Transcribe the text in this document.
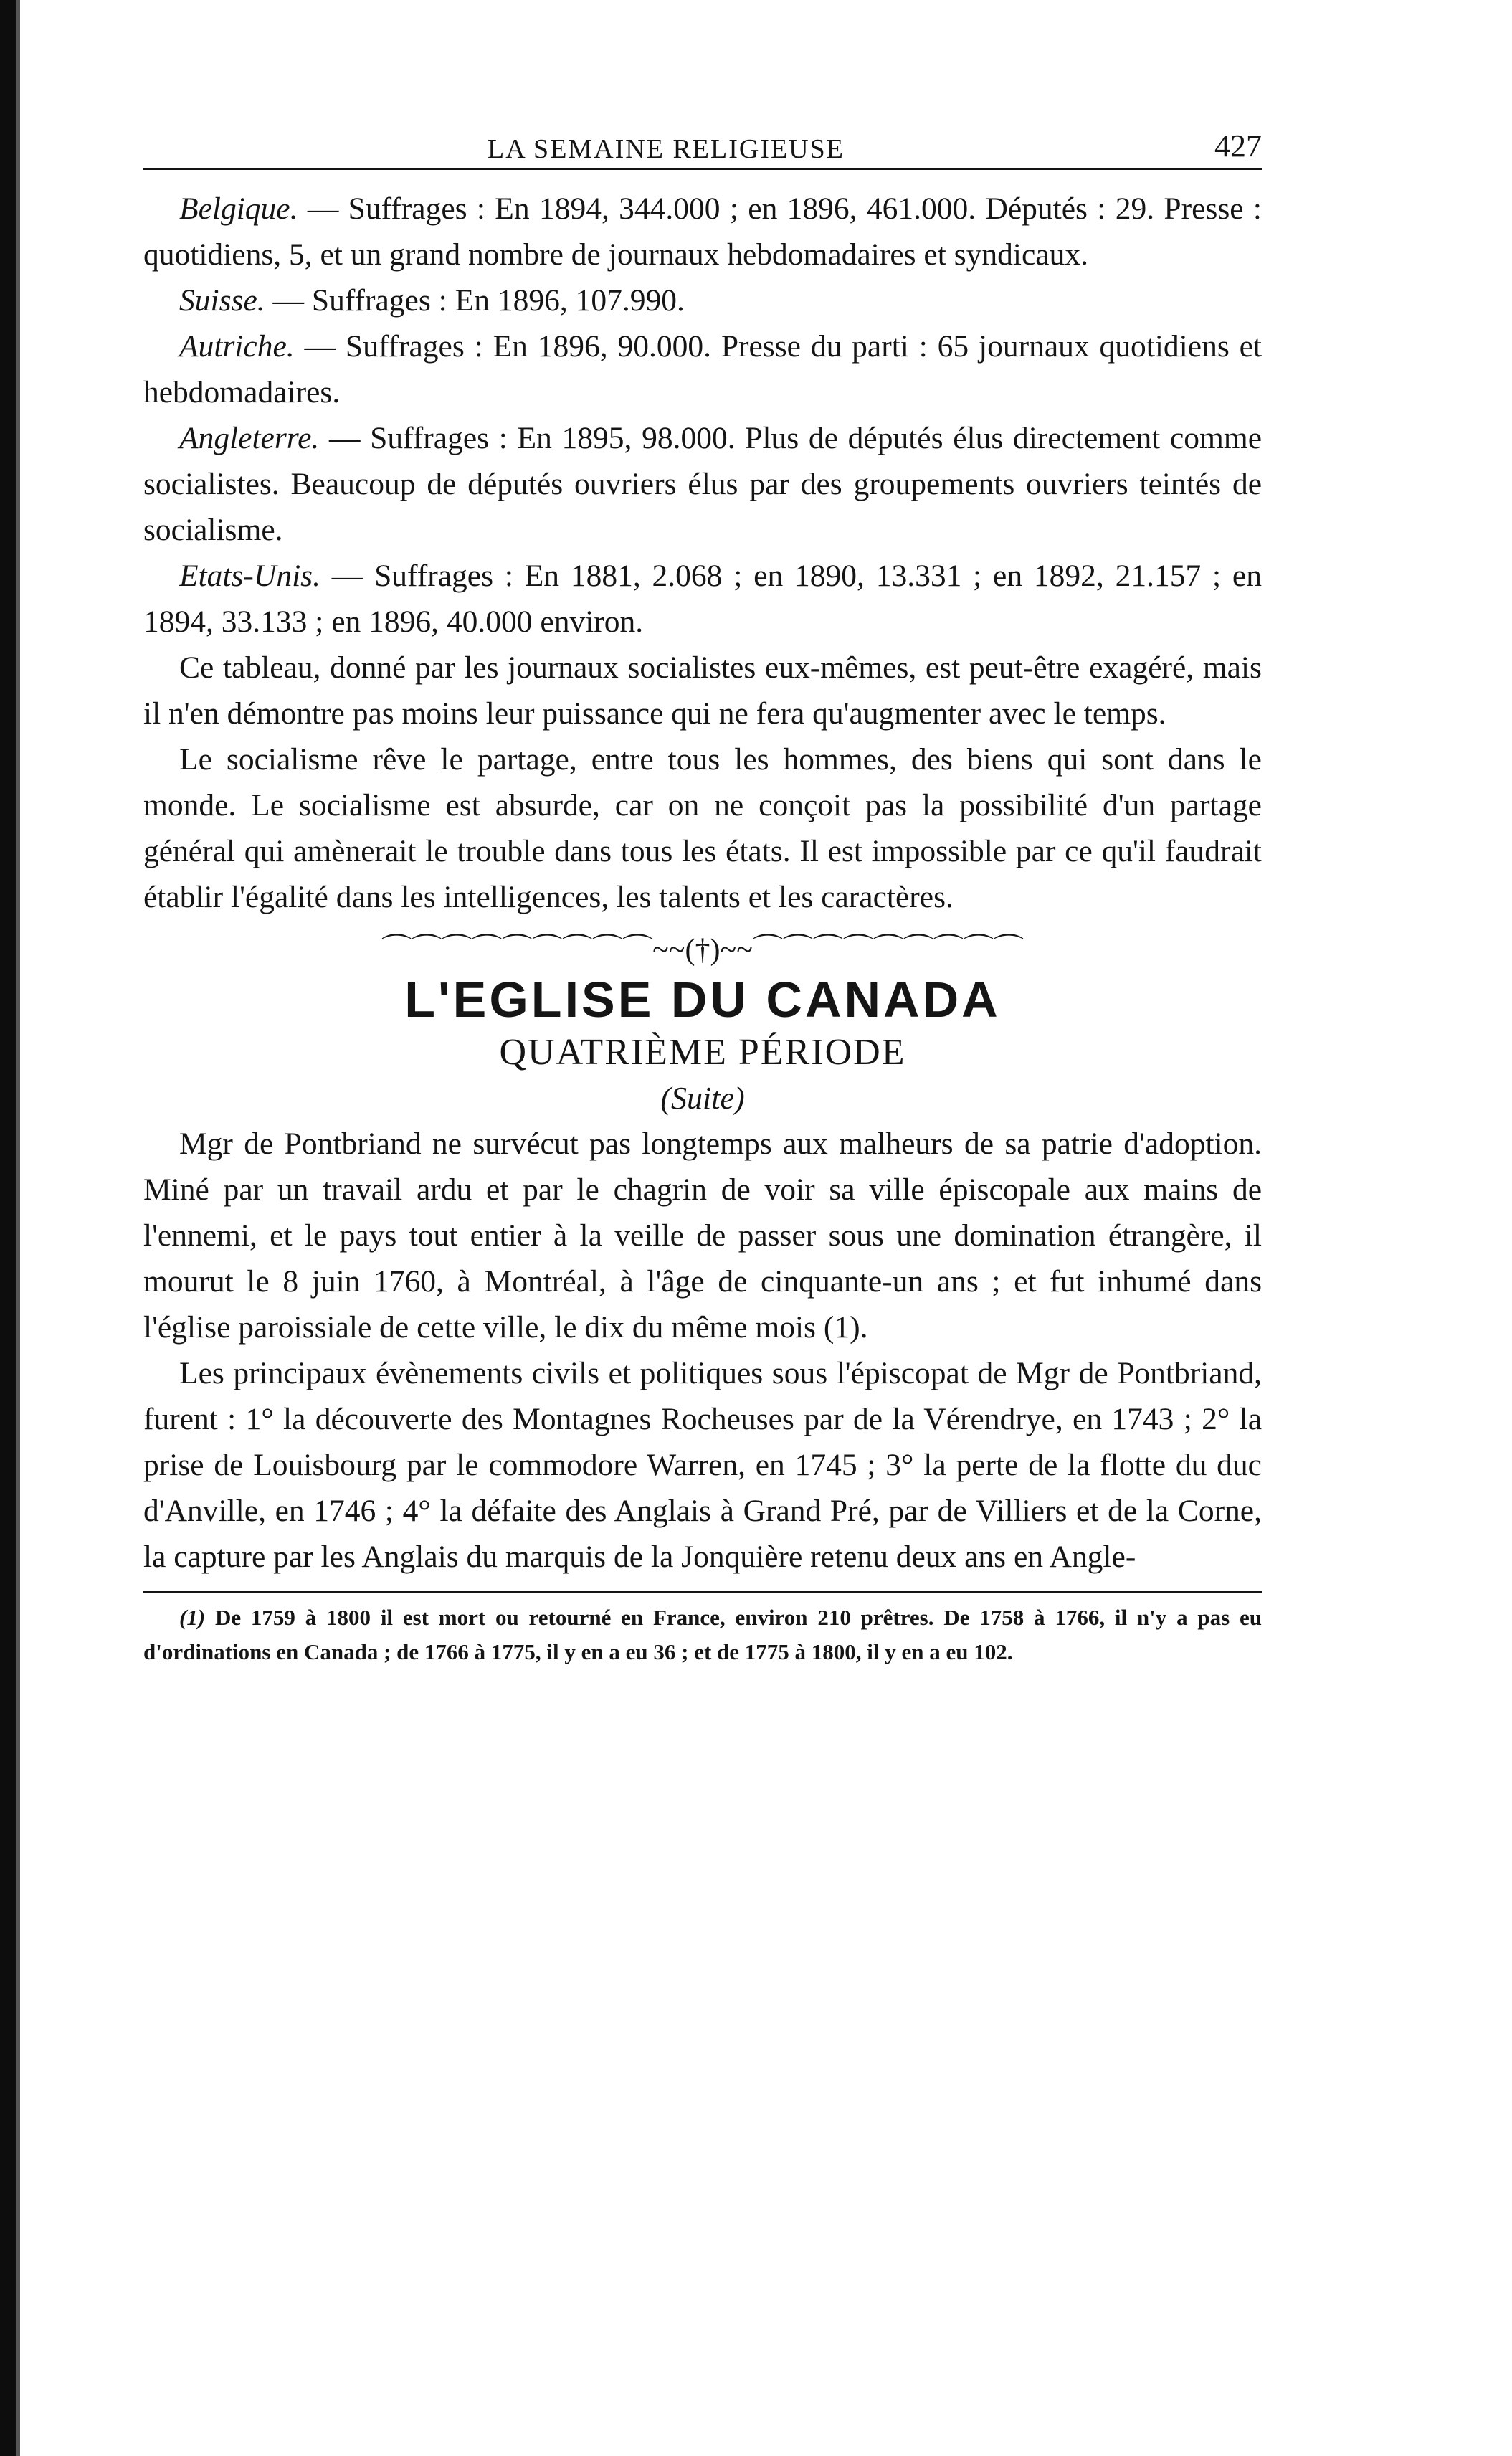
LA SEMAINE RELIGIEUSE	427

Belgique. — Suffrages : En 1894, 344.000 ; en 1896, 461.000. Députés : 29. Presse : quotidiens, 5, et un grand nombre de journaux hebdomadaires et syndicaux.

Suisse. — Suffrages : En 1896, 107.990.

Autriche. — Suffrages : En 1896, 90.000. Presse du parti : 65 journaux quotidiens et hebdomadaires.

Angleterre. — Suffrages : En 1895, 98.000. Plus de députés élus directement comme socialistes. Beaucoup de députés ouvriers élus par des groupements ouvriers teintés de socialisme.

Etats-Unis. — Suffrages : En 1881, 2.068 ; en 1890, 13.331 ; en 1892, 21.157 ; en 1894, 33.133 ; en 1896, 40.000 environ.

Ce tableau, donné par les journaux socialistes eux-mêmes, est peut-être exagéré, mais il n'en démontre pas moins leur puissance qui ne fera qu'augmenter avec le temps.

Le socialisme rêve le partage, entre tous les hommes, des biens qui sont dans le monde. Le socialisme est absurde, car on ne conçoit pas la possibilité d'un partage général qui amènerait le trouble dans tous les états. Il est impossible par ce qu'il faudrait établir l'égalité dans les intelligences, les talents et les caractères.

⌒⌒⌒⌒⌒⌒⌒⌒⌒~~(†)~~⌒⌒⌒⌒⌒⌒⌒⌒⌒
L'EGLISE DU CANADA
QUATRIÈME PÉRIODE
(Suite)

Mgr de Pontbriand ne survécut pas longtemps aux malheurs de sa patrie d'adoption. Miné par un travail ardu et par le chagrin de voir sa ville épiscopale aux mains de l'ennemi, et le pays tout entier à la veille de passer sous une domination étrangère, il mourut le 8 juin 1760, à Montréal, à l'âge de cinquante-un ans ; et fut inhumé dans l'église paroissiale de cette ville, le dix du même mois (1).

Les principaux évènements civils et politiques sous l'épiscopat de Mgr de Pontbriand, furent : 1° la découverte des Montagnes Rocheuses par de la Vérendrye, en 1743 ; 2° la prise de Louisbourg par le commodore Warren, en 1745 ; 3° la perte de la flotte du duc d'Anville, en 1746 ; 4° la défaite des Anglais à Grand Pré, par de Villiers et de la Corne, la capture par les Anglais du marquis de la Jonquière retenu deux ans en Angle-

(1) De 1759 à 1800 il est mort ou retourné en France, environ 210 prêtres. De 1758 à 1766, il n'y a pas eu d'ordinations en Canada ; de 1766 à 1775, il y en a eu 36 ; et de 1775 à 1800, il y en a eu 102.
